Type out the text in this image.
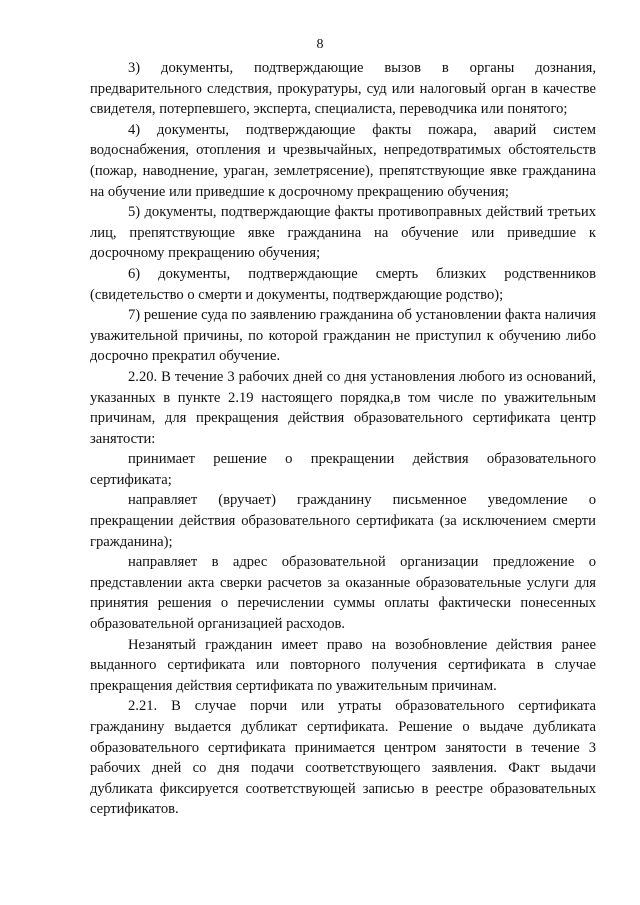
8

3) документы, подтверждающие вызов в органы дознания, предварительного следствия, прокуратуры, суд или налоговый орган в качестве свидетеля, потерпевшего, эксперта, специалиста, переводчика или понятого;

4) документы, подтверждающие факты пожара, аварий систем водоснабжения, отопления и чрезвычайных, непредотвратимых обстоятельств (пожар, наводнение, ураган, землетрясение), препятствующие явке гражданина на обучение или приведшие к досрочному прекращению обучения;

5) документы, подтверждающие факты противоправных действий третьих лиц, препятствующие явке гражданина на обучение или приведшие к досрочному прекращению обучения;

6) документы, подтверждающие смерть близких родственников (свидетельство о смерти и документы, подтверждающие родство);

7) решение суда по заявлению гражданина об установлении факта наличия уважительной причины, по которой гражданин не приступил к обучению либо досрочно прекратил обучение.

2.20. В течение 3 рабочих дней со дня установления любого из оснований, указанных в пункте 2.19 настоящего порядка,в том числе по уважительным причинам, для прекращения действия образовательного сертификата центр занятости:

принимает решение о прекращении действия образовательного сертификата;

направляет (вручает) гражданину письменное уведомление о прекращении действия образовательного сертификата (за исключением смерти гражданина);

направляет в адрес образовательной организации предложение о представлении акта сверки расчетов за оказанные образовательные услуги для принятия решения о перечислении суммы оплаты фактически понесенных образовательной организацией расходов.

Незанятый гражданин имеет право на возобновление действия ранее выданного сертификата или повторного получения сертификата в случае прекращения действия сертификата по уважительным причинам.

2.21. В случае порчи или утраты образовательного сертификата гражданину выдается дубликат сертификата. Решение о выдаче дубликата образовательного сертификата принимается центром занятости в течение 3 рабочих дней со дня подачи соответствующего заявления. Факт выдачи дубликата фиксируется соответствующей записью в реестре образовательных сертификатов.
